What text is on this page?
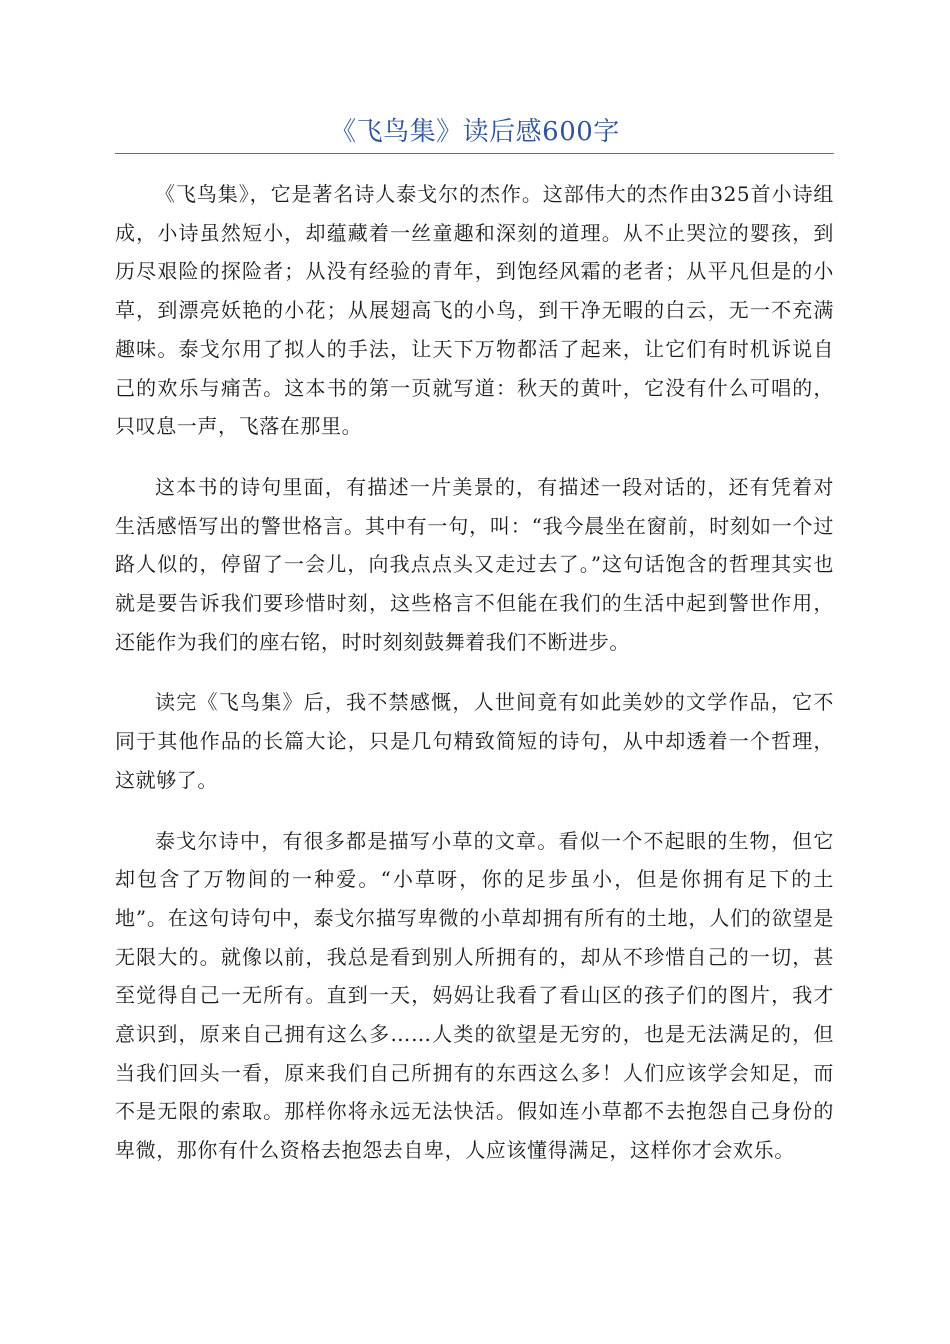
《飞鸟集》读后感600字

《飞鸟集》，它是著名诗人泰戈尔的杰作。这部伟大的杰作由325首小诗组成，小诗虽然短小，却蕴藏着一丝童趣和深刻的道理。从不止哭泣的婴孩，到历尽艰险的探险者；从没有经验的青年，到饱经风霜的老者；从平凡但是的小草，到漂亮妖艳的小花；从展翅高飞的小鸟，到干净无暇的白云，无一不充满趣味。泰戈尔用了拟人的手法，让天下万物都活了起来，让它们有时机诉说自己的欢乐与痛苦。这本书的第一页就写道：秋天的黄叶，它没有什么可唱的，只叹息一声，飞落在那里。

这本书的诗句里面，有描述一片美景的，有描述一段对话的，还有凭着对生活感悟写出的警世格言。其中有一句，叫：“我今晨坐在窗前，时刻如一个过路人似的，停留了一会儿，向我点点头又走过去了。”这句话饱含的哲理其实也就是要告诉我们要珍惜时刻，这些格言不但能在我们的生活中起到警世作用，还能作为我们的座右铭，时时刻刻鼓舞着我们不断进步。

读完《飞鸟集》后，我不禁感慨，人世间竟有如此美妙的文学作品，它不同于其他作品的长篇大论，只是几句精致简短的诗句，从中却透着一个哲理，这就够了。

泰戈尔诗中，有很多都是描写小草的文章。看似一个不起眼的生物，但它却包含了万物间的一种爱。“小草呀，你的足步虽小，但是你拥有足下的土地”。在这句诗句中，泰戈尔描写卑微的小草却拥有所有的土地，人们的欲望是无限大的。就像以前，我总是看到别人所拥有的，却从不珍惜自己的一切，甚至觉得自己一无所有。直到一天，妈妈让我看了看山区的孩子们的图片，我才意识到，原来自己拥有这么多……人类的欲望是无穷的，也是无法满足的，但当我们回头一看，原来我们自己所拥有的东西这么多！人们应该学会知足，而不是无限的索取。那样你将永远无法快活。假如连小草都不去抱怨自己身份的卑微，那你有什么资格去抱怨去自卑，人应该懂得满足，这样你才会欢乐。
